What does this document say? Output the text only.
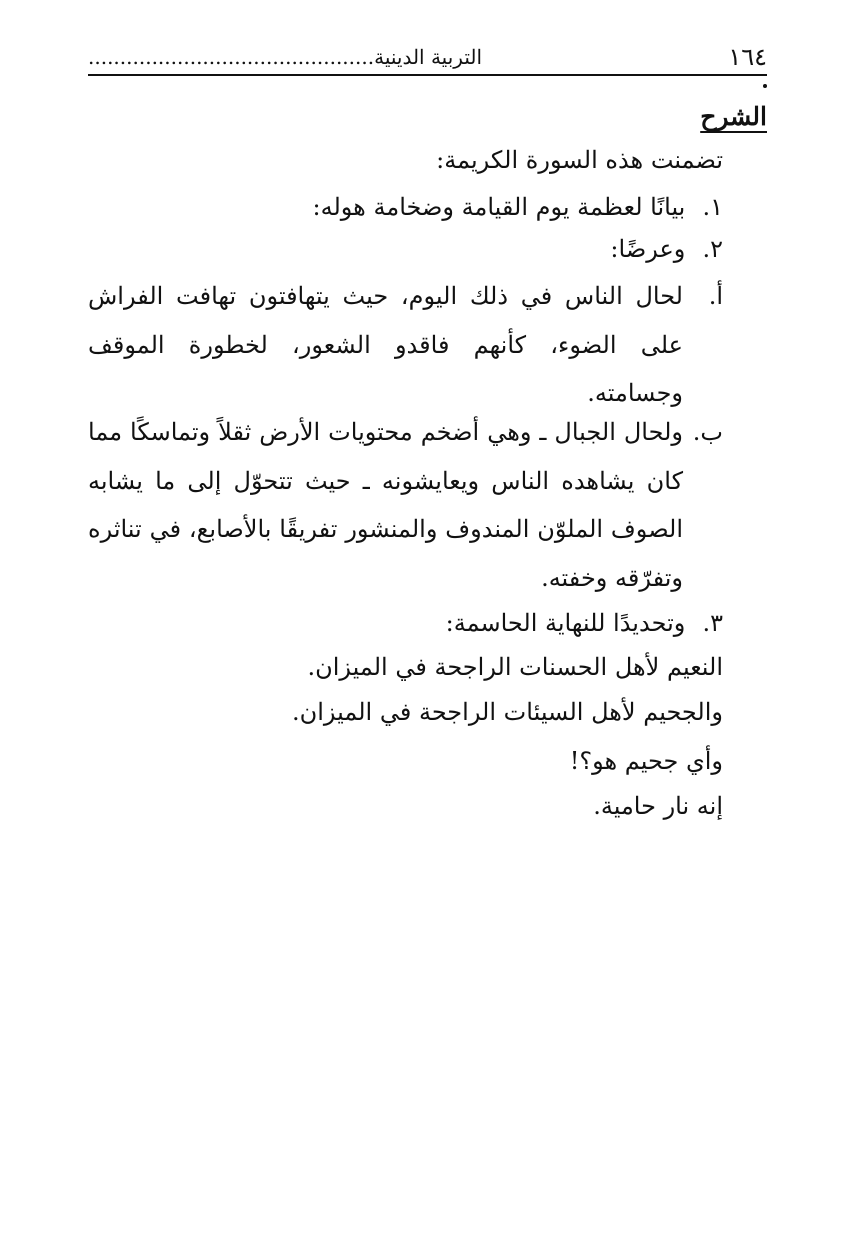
.............................................التربية الدينية	١٦٤
الشرح
تضمنت هذه السورة الكريمة:
١. بيانًا لعظمة يوم القيامة وضخامة هوله:
٢. وعرضًا:
أ.
لحال الناس في ذلك اليوم، حيث يتهافتون تهافت الفراش على الضوء، كأنهم فاقدو الشعور، لخطورة الموقف وجسامته.
ب.
ولحال الجبال ـ وهي أضخم محتويات الأرض ثقلاً وتماسكًا مما كان يشاهده الناس ويعايشونه ـ حيث تتحوّل إلى ما يشابه الصوف الملوّن المندوف والمنشور تفريقًا بالأصابع، في تناثره وتفرّقه وخفته.
٣. وتحديدًا للنهاية الحاسمة:
النعيم لأهل الحسنات الراجحة في الميزان.
والجحيم لأهل السيئات الراجحة في الميزان.
وأي جحيم هو؟!
إنه نار حامية.
